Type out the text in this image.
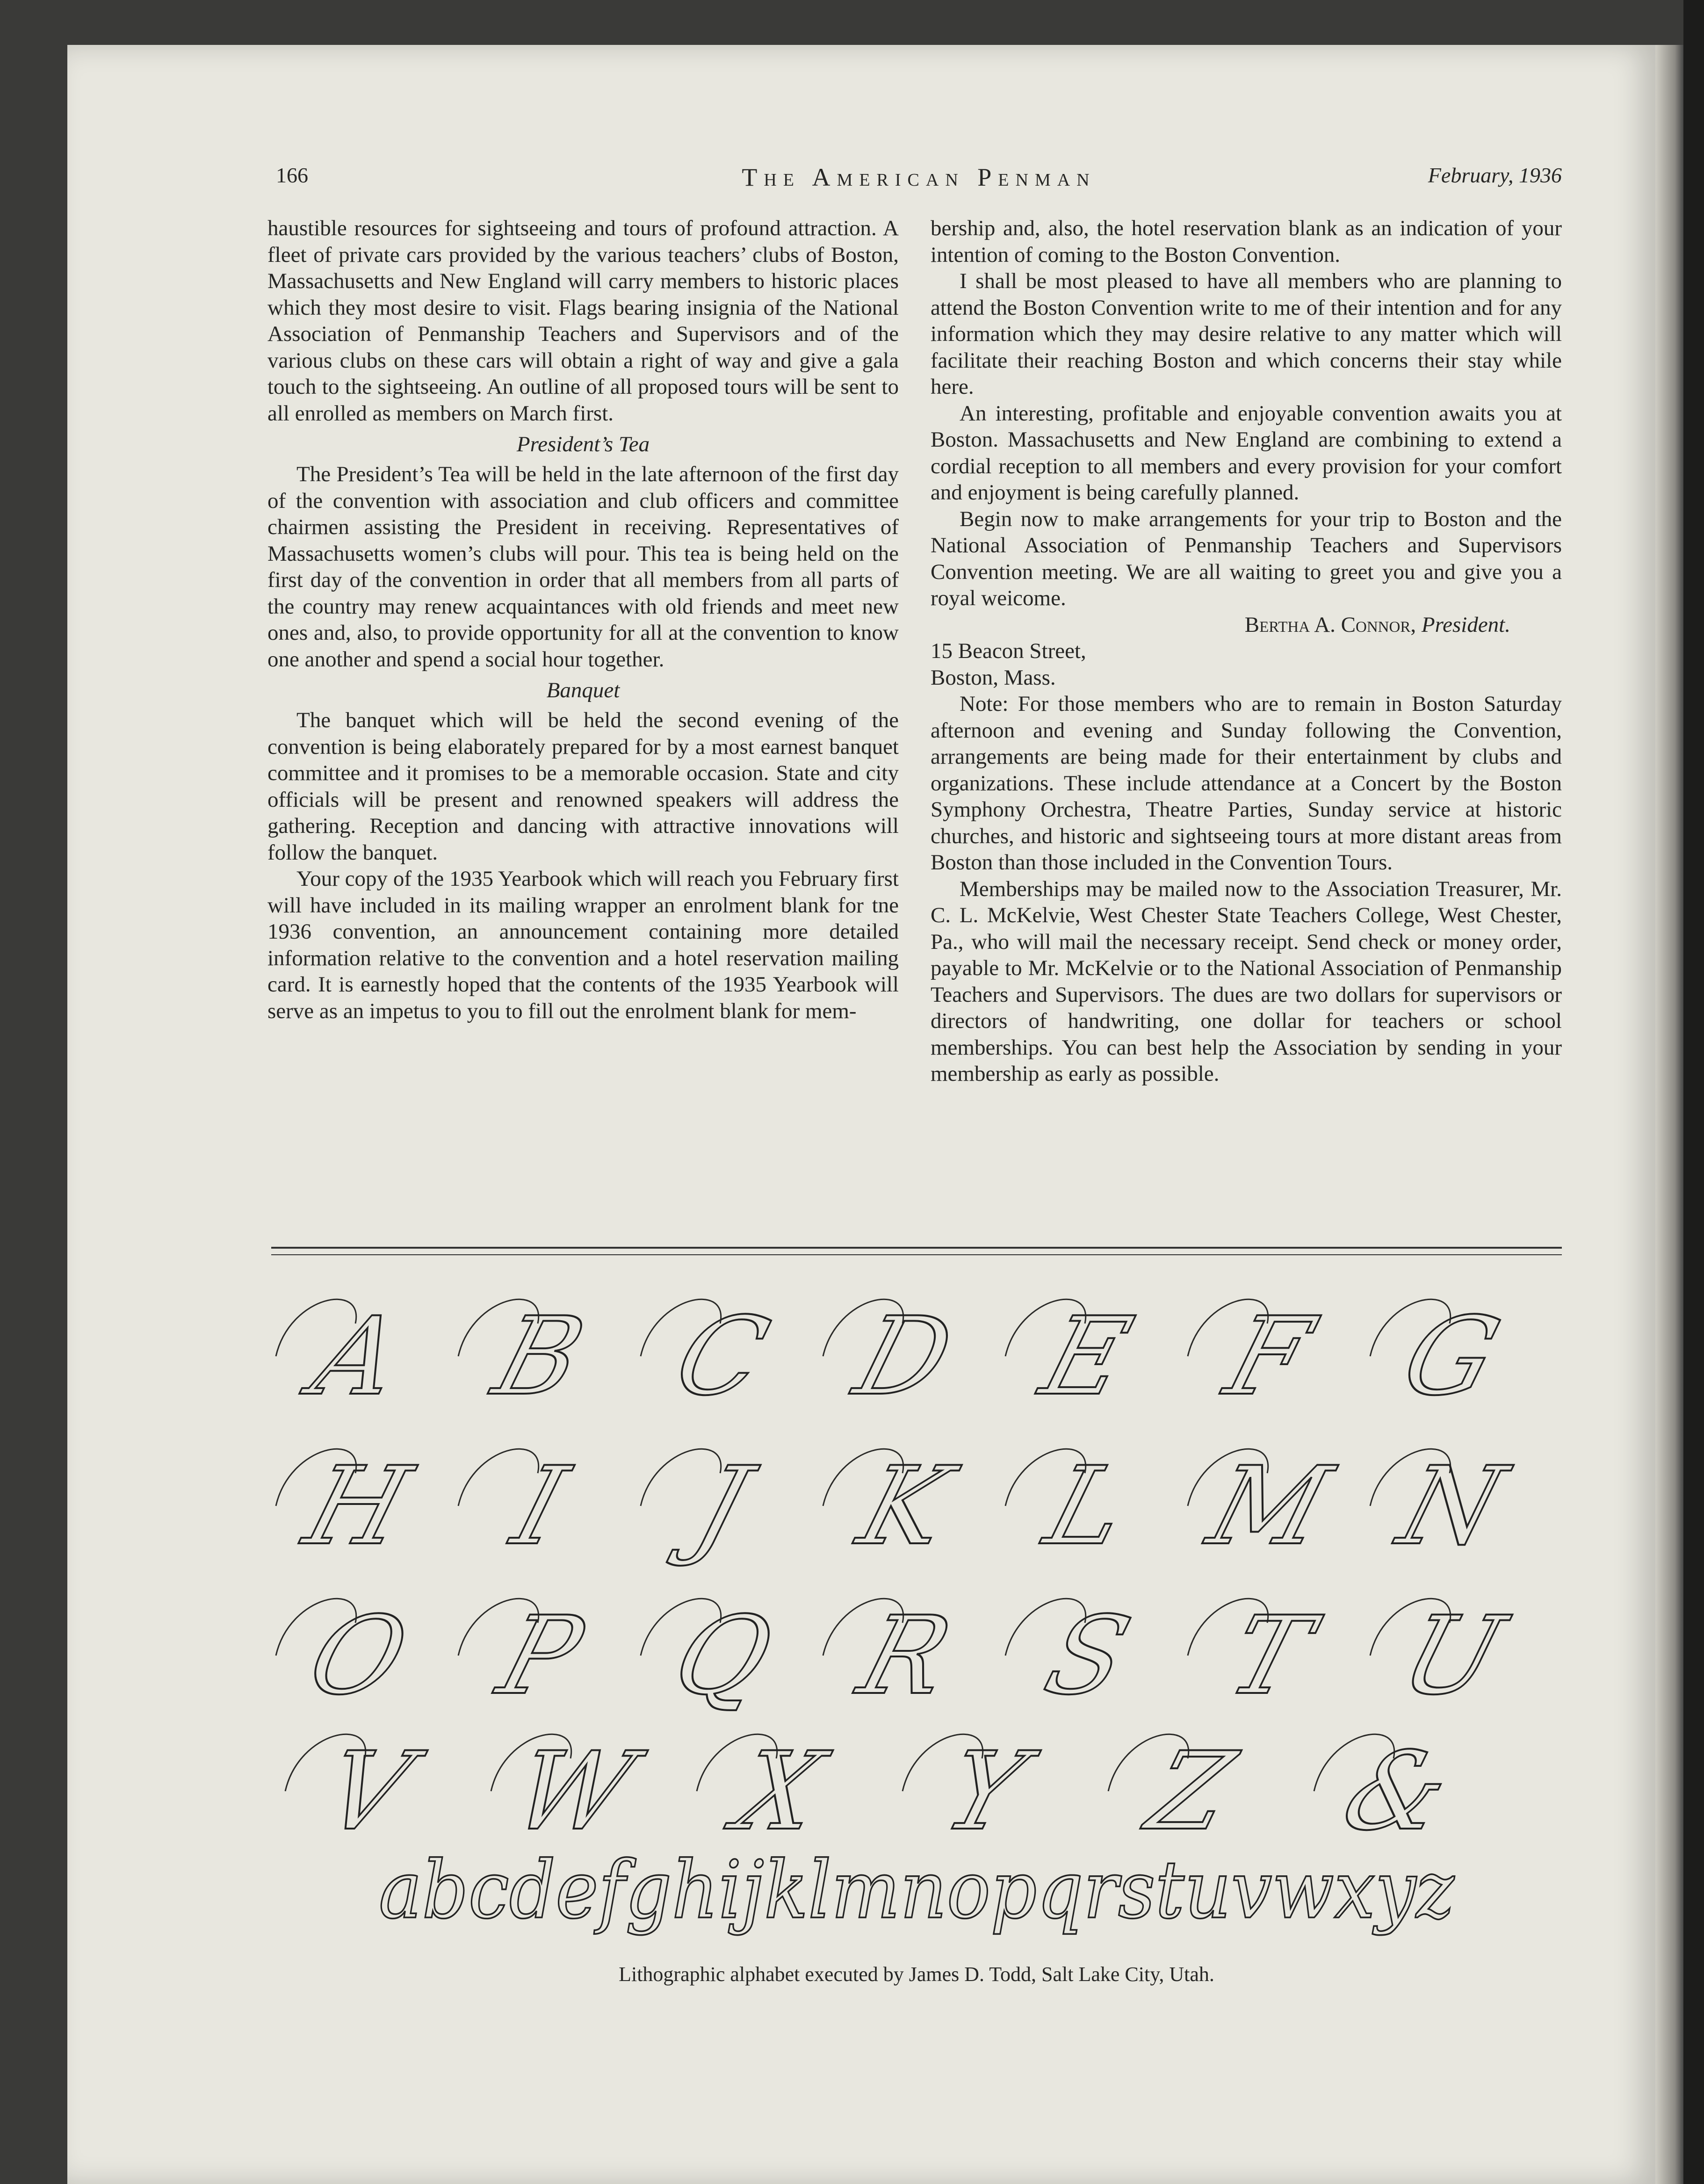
166	The American Penman	February, 1936

haustible resources for sightseeing and tours of profound attraction. A fleet of private cars provided by the various teachers’ clubs of Boston, Massachusetts and New England will carry members to historic places which they most desire to visit. Flags bearing insignia of the National Association of Penmanship Teachers and Supervisors and of the various clubs on these cars will obtain a right of way and give a gala touch to the sightseeing. An outline of all proposed tours will be sent to all enrolled as members on March first.

President’s Tea

The President’s Tea will be held in the late afternoon of the first day of the convention with association and club officers and committee chairmen assisting the President in receiving. Representatives of Massachusetts women’s clubs will pour. This tea is being held on the first day of the convention in order that all members from all parts of the country may renew acquaintances with old friends and meet new ones and, also, to provide opportunity for all at the convention to know one another and spend a social hour together.

Banquet

The banquet which will be held the second evening of the convention is being elaborately prepared for by a most earnest banquet committee and it promises to be a memorable occasion. State and city officials will be present and renowned speakers will address the gathering. Reception and dancing with attractive innovations will follow the banquet.

Your copy of the 1935 Yearbook which will reach you February first will have included in its mailing wrapper an enrolment blank for tne 1936 convention, an announcement containing more detailed information relative to the convention and a hotel reservation mailing card. It is earnestly hoped that the contents of the 1935 Yearbook will serve as an impetus to you to fill out the enrolment blank for mem-

bership and, also, the hotel reservation blank as an indication of your intention of coming to the Boston Convention.

I shall be most pleased to have all members who are planning to attend the Boston Convention write to me of their intention and for any information which they may desire relative to any matter which will facilitate their reaching Boston and which concerns their stay while here.

An interesting, profitable and enjoyable convention awaits you at Boston. Massachusetts and New England are combining to extend a cordial reception to all members and every provision for your comfort and enjoyment is being carefully planned.

Begin now to make arrangements for your trip to Boston and the National Association of Penmanship Teachers and Supervisors Convention meeting. We are all waiting to greet you and give you a royal weicome.

Bertha A. Connor, President.

15 Beacon Street,

Boston, Mass.

Note: For those members who are to remain in Boston Saturday afternoon and evening and Sunday following the Convention, arrangements are being made for their entertainment by clubs and organizations. These include attendance at a Concert by the Boston Symphony Orchestra, Theatre Parties, Sunday service at historic churches, and historic and sightseeing tours at more distant areas from Boston than those included in the Convention Tours.

Memberships may be mailed now to the Association Treasurer, Mr. C. L. McKelvie, West Chester State Teachers College, West Chester, Pa., who will mail the necessary receipt. Send check or money order, payable to Mr. McKelvie or to the National Association of Penmanship Teachers and Supervisors. The dues are two dollars for supervisors or directors of handwriting, one dollar for teachers or school memberships. You can best help the Association by sending in your membership as early as possible.

A B C D E F G
H I J K L M N
O P Q R S T U
V W X Y Z &
abcdefghijklmnopqrstuvwxyz
Lithographic alphabet executed by James D. Todd, Salt Lake City, Utah.
